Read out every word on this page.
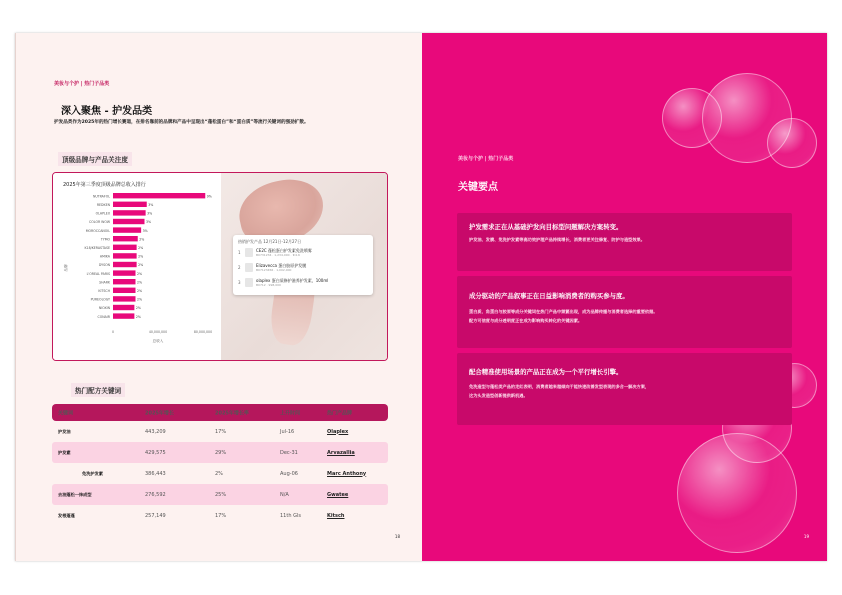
美妆与个护 | 热门子品类
深入聚焦 - 护发品类
护发品类作为2025年的热门增长赛道，在排名靠前的品牌和产品中呈现出“蓬松蛋白”和“蛋白质”等流行关键词的强劲扩散。
顶级品牌与产品关注度
2025年第三季度顶级品牌总收入排行
NUTRAFOL	9%
REDKEN	3%
OLAPLEX	3%
COLOR WOW	3%
MOROCCANOIL	3%
TYMO	2%
K18/KERASTASE	2%
AMIKA	2%
DYSON	2%
L'OREAL PARIS	2%
SHARK	2%
KITSCH	2%
PUREOLOGY	2%
NIOXIN	2%
CONAIR	2%
0	40,000,000	80,000,000
总收入
品牌
热销护发产品 12月21日-12月27日
1	CE2C 蓬松蛋白护发素免洗喷雾
B0731234 · 1,234,000 · ★4.6
2	Elizavecca 蛋白胶原护发膜
B07123456 · 1,002,000
3	olaplex 蛋白质修护滋养护发素，100ml
B0712 · 998,000
热门配方关键词
关键词	2025年增长	2025年增长率	上升时间	热门产品牌
护发油	443,209	17%	Jul-16	Olaplex
护发素	429,575	29%	Dec-31	Arvazallia
免洗护发素	386,443	2%	Aug-06	Marc Anthony
去油蓬松一抹成型	276,592	25%	N/A	Gwatee
发根蓬蓬	257,149	17%	11th Gls	Kitsch
18
美妆与个护 | 热门子品类
关键要点
护发需求正在从基础护发向目标型问题解决方案转变。
护发油、发膜、免洗护发素等高功效护理产品持续增长，消费者更关注修复、防护与造型效果。
成分驱动的产品叙事正在日益影响消费者的购买参与度。
蛋白质、角蛋白与胶原等成分关键词在热门产品中频繁出现，成为品牌传播与消费者选择的重要依据。
配方可信度与成分透明度正在成为影响购买转化的关键因素。
配合精准使用场景的产品正在成为一个平行增长引擎。
免洗造型与蓬松类产品的走红表明，消费者越来越倾向于能快速改善发型表现的多合一解决方案，
这为头发造型创新提供新机遇。
19
